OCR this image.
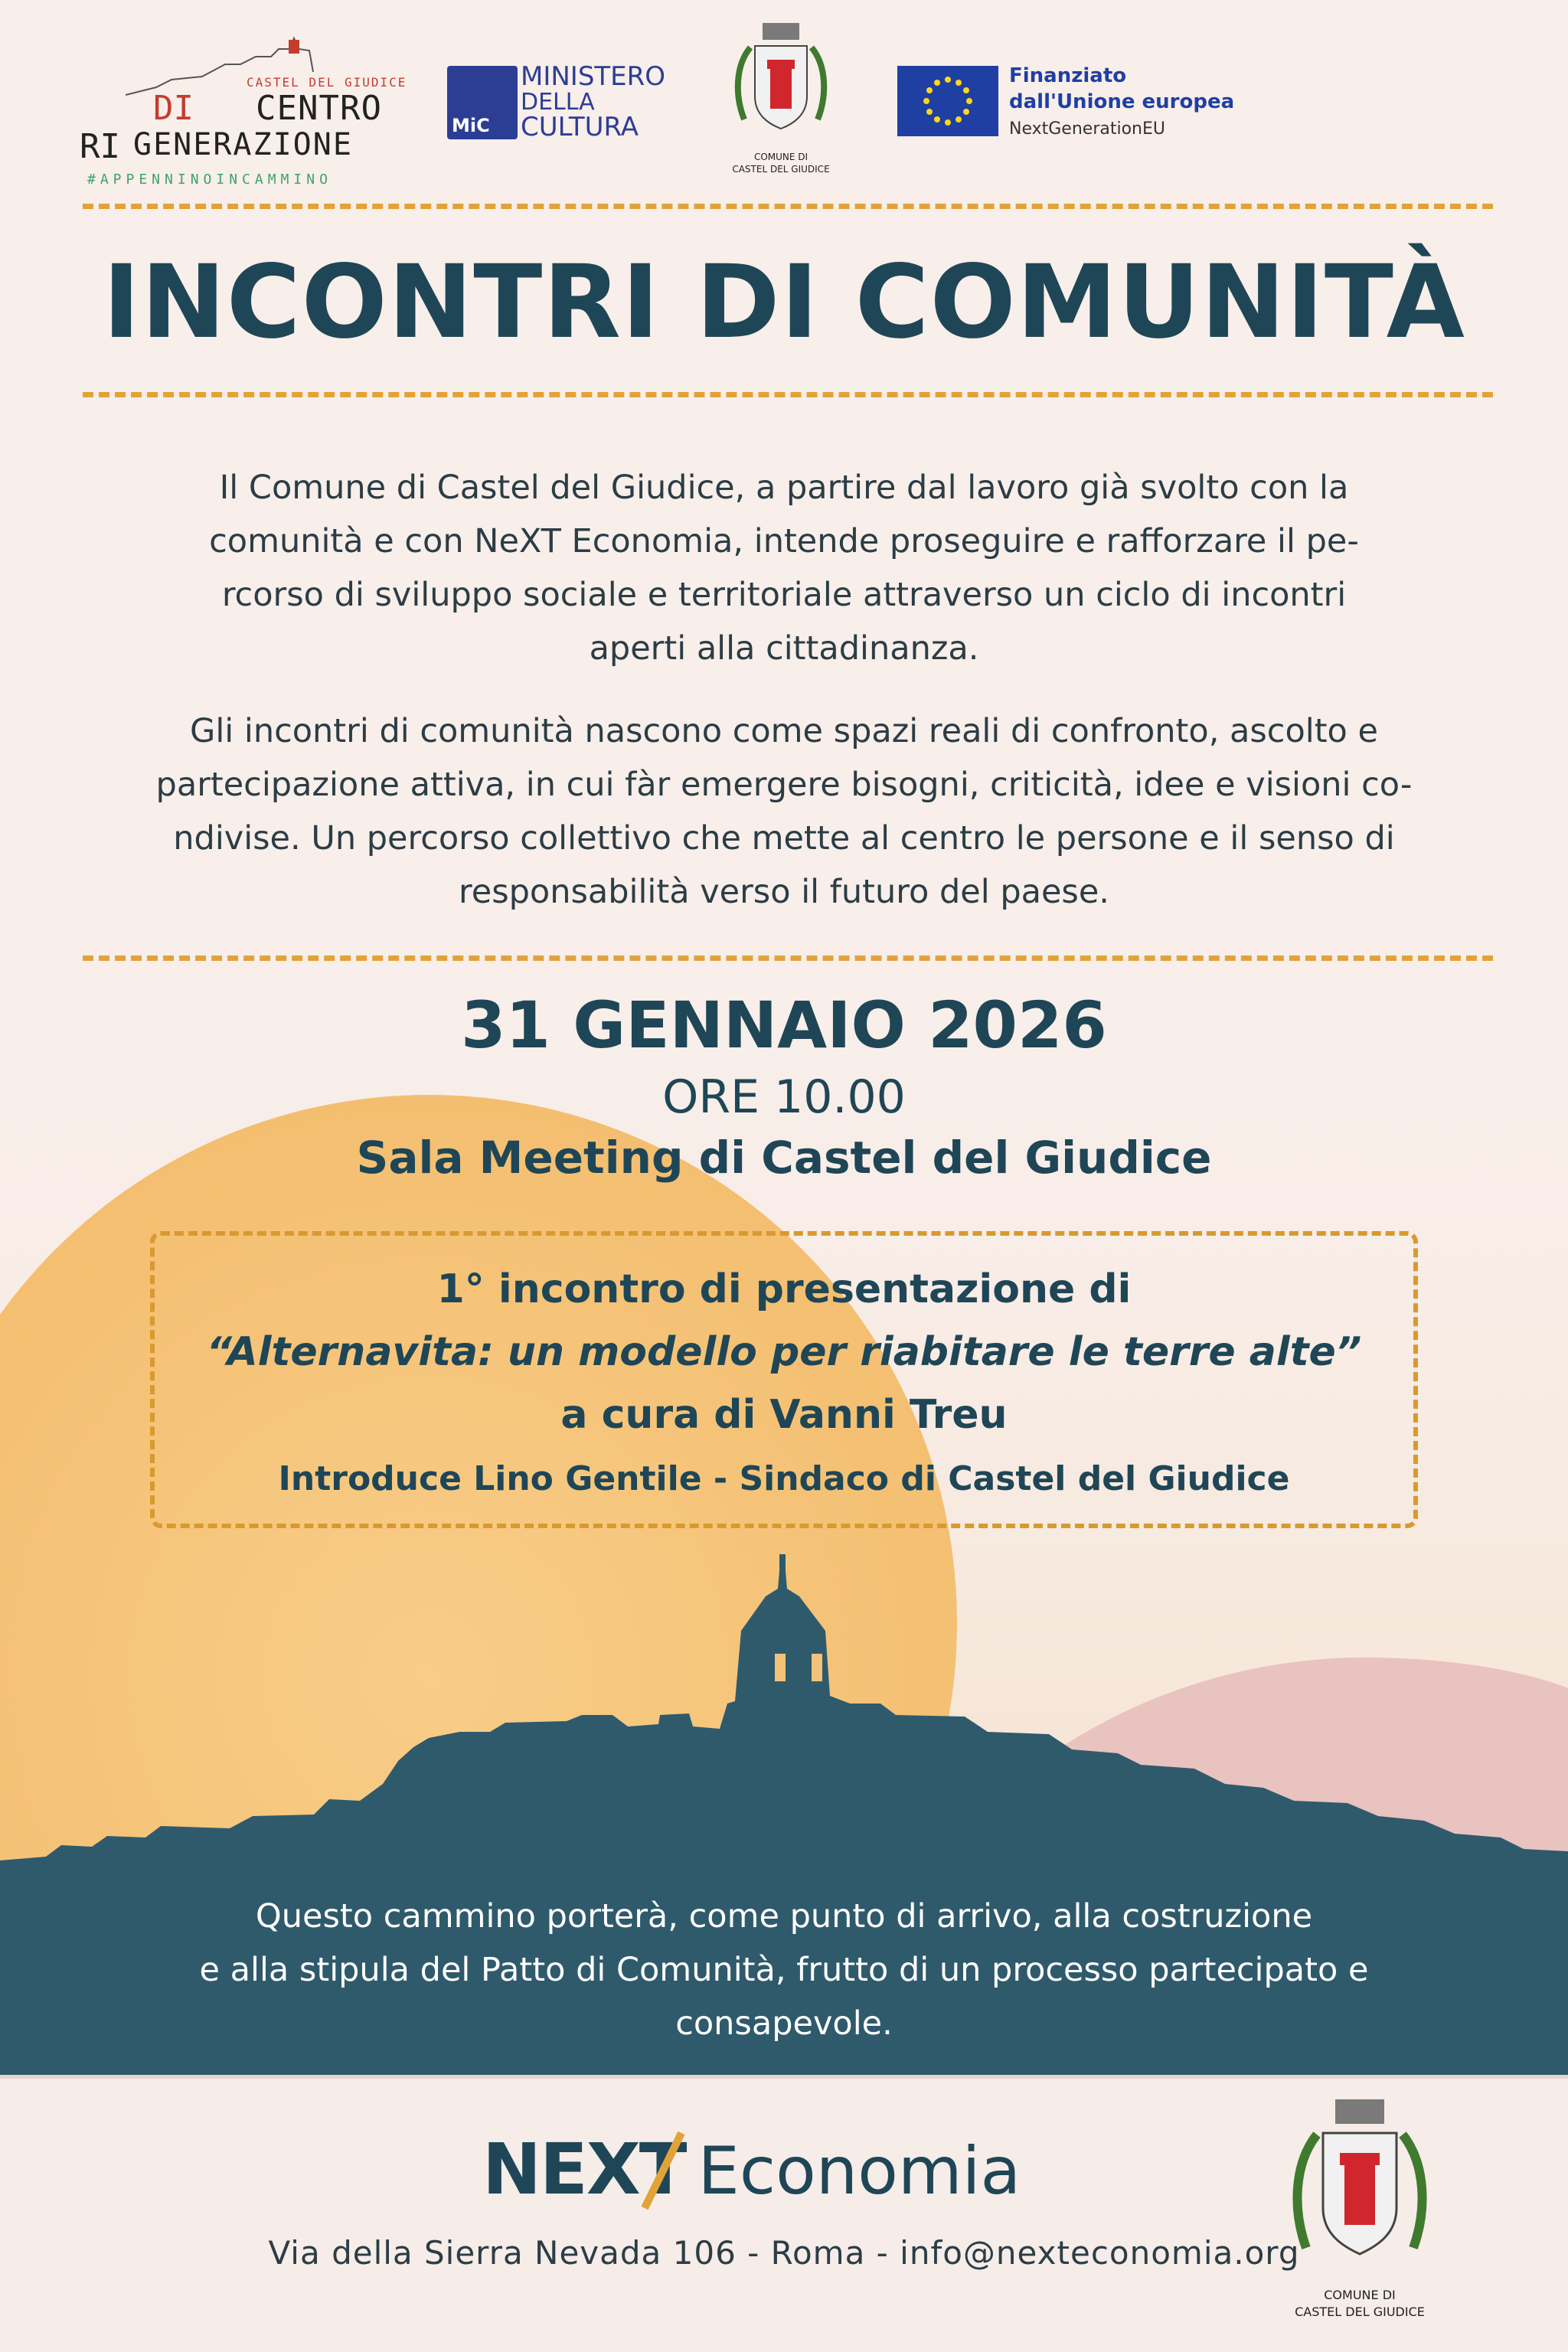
CASTEL DEL GIUDICE
DI CENTRO
RI GENERAZIONE
#APPENNINOINCAMMINO
MiC
MINISTERO
DELLA
CULTURA
COMUNE DI
CASTEL DEL GIUDICE
Finanziato
dall'Unione europea
NextGenerationEU
INCONTRI DI COMUNITÀ
Il Comune di Castel del Giudice, a partire dal lavoro già svolto con la
comunità e con NeXT Economia, intende proseguire e rafforzare il pe-
rcorso di sviluppo sociale e territoriale attraverso un ciclo di incontri
aperti alla cittadinanza.
Gli incontri di comunità nascono come spazi reali di confronto, ascolto e
partecipazione attiva, in cui fàr emergere bisogni, criticità, idee e visioni co-
ndivise. Un percorso collettivo che mette al centro le persone e il senso di
responsabilità verso il futuro del paese.
31 GENNAIO 2026
ORE 10.00
Sala Meeting di Castel del Giudice
1° incontro di presentazione di
“Alternavita: un modello per riabitare le terre alte”
a cura di Vanni Treu
Introduce Lino Gentile - Sindaco di Castel del Giudice
Questo cammino porterà, come punto di arrivo, alla costruzione
e alla stipula del Patto di Comunità, frutto di un processo partecipato e
consapevole.
NEXT Economia
Via della Sierra Nevada 106 - Roma - info@nexteconomia.org
COMUNE DI
CASTEL DEL GIUDICE
